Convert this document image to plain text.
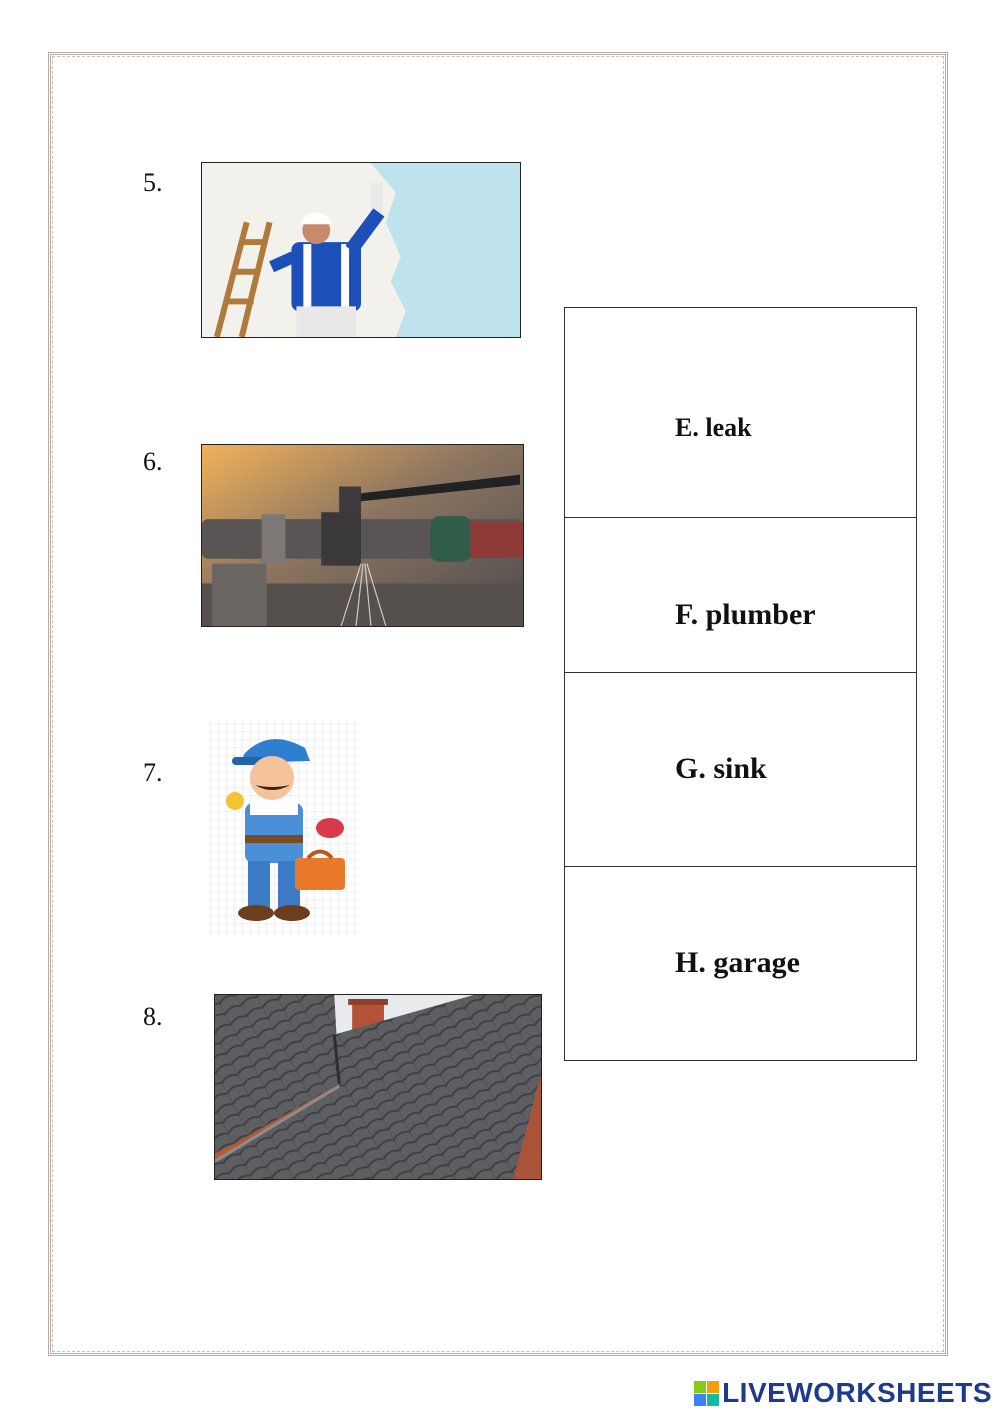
5.
6.
7.
8.
E. leak
F. plumber
G. sink
H. garage
LIVEWORKSHEETS
